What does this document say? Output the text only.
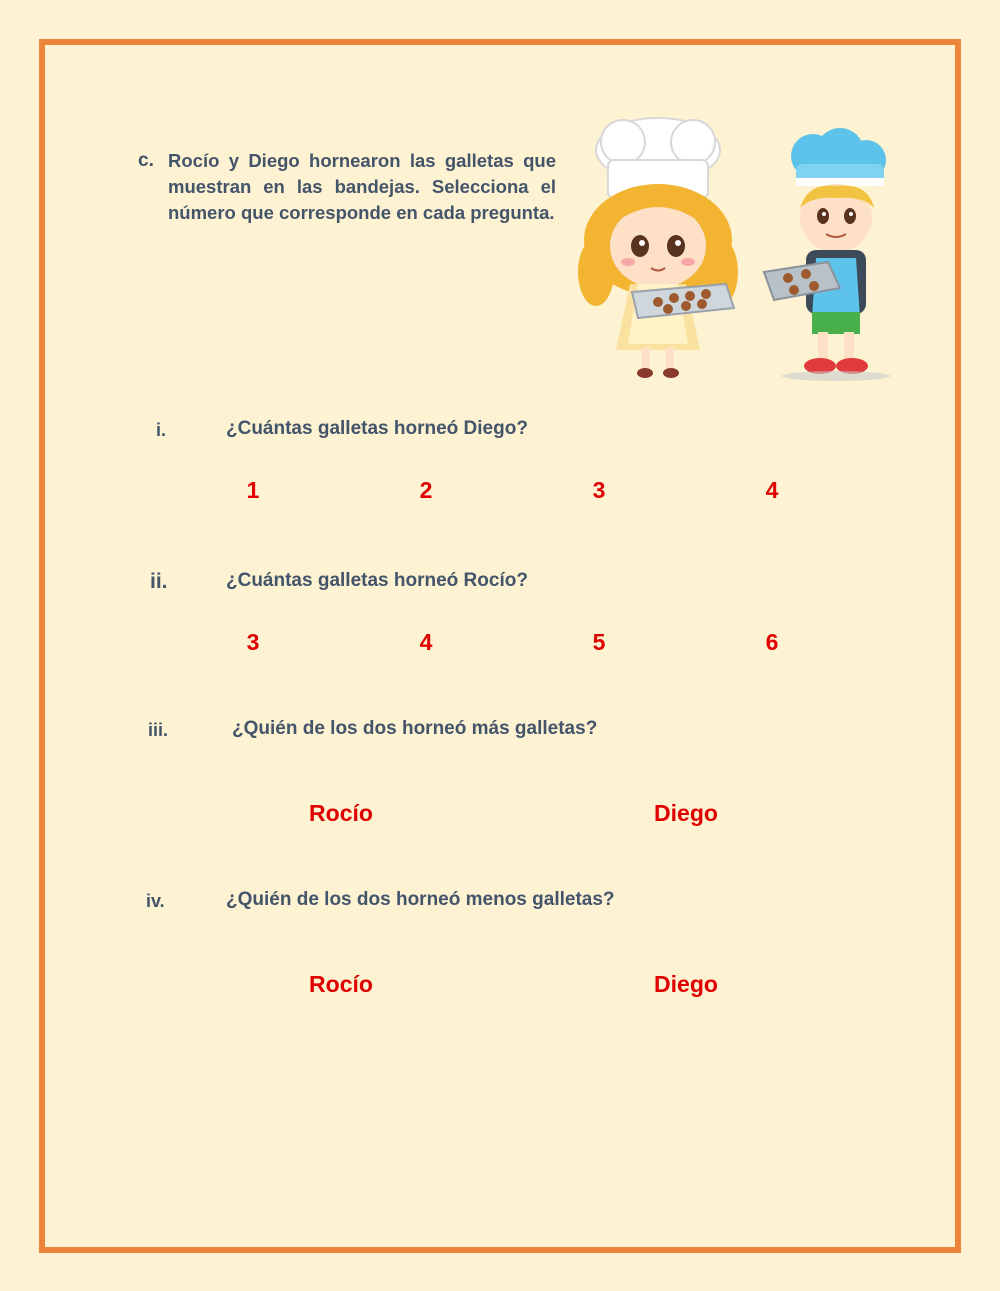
c. Rocío y Diego hornearon las galletas que muestran en las bandejas. Selecciona el número que corresponde en cada pregunta.
i.	¿Cuántas galletas horneó Diego?
1	2	3	4
ii.	¿Cuántas galletas horneó Rocío?
3	4	5	6
iii.	¿Quién de los dos horneó más galletas?
Rocío	Diego
iv.	¿Quién de los dos horneó menos galletas?
Rocío	Diego
